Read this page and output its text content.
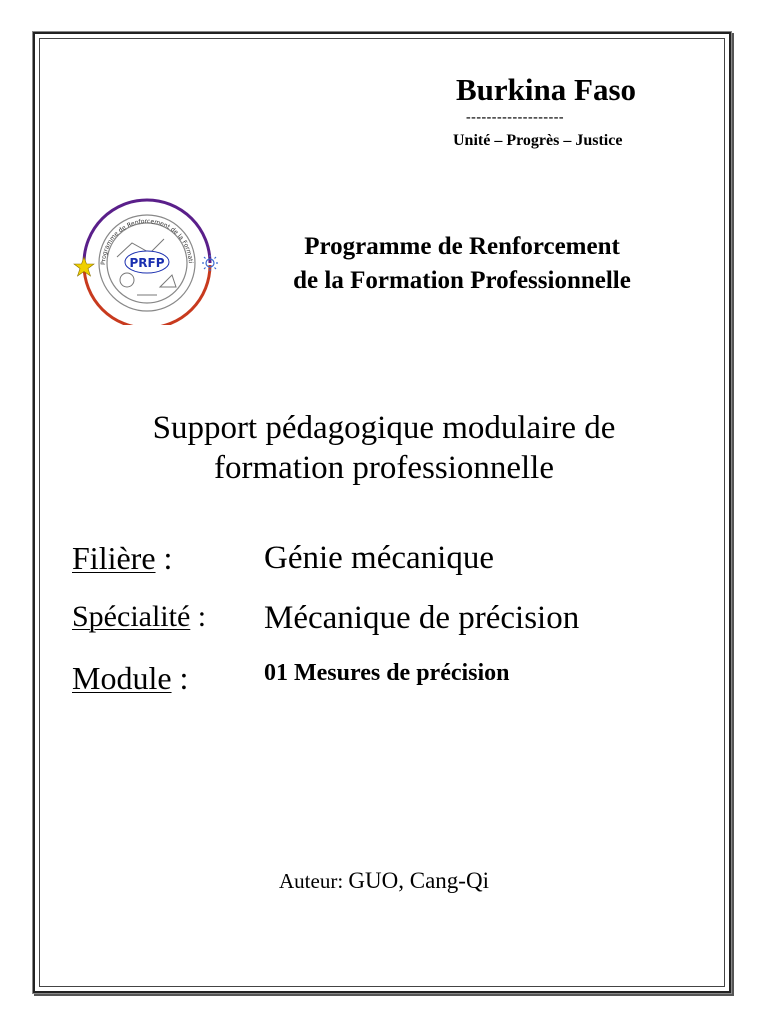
Burkina Faso
-------------------
Unité – Progrès – Justice
Programme de Renforcement de la Formati
PRFP
Programme de Renforcement
de la Formation Professionnelle
Support pédagogique modulaire de
formation professionnelle
Filière :	Génie mécanique
Spécialité : Mécanique de précision
Module :	01 Mesures de précision
Auteur: GUO, Cang-Qi
